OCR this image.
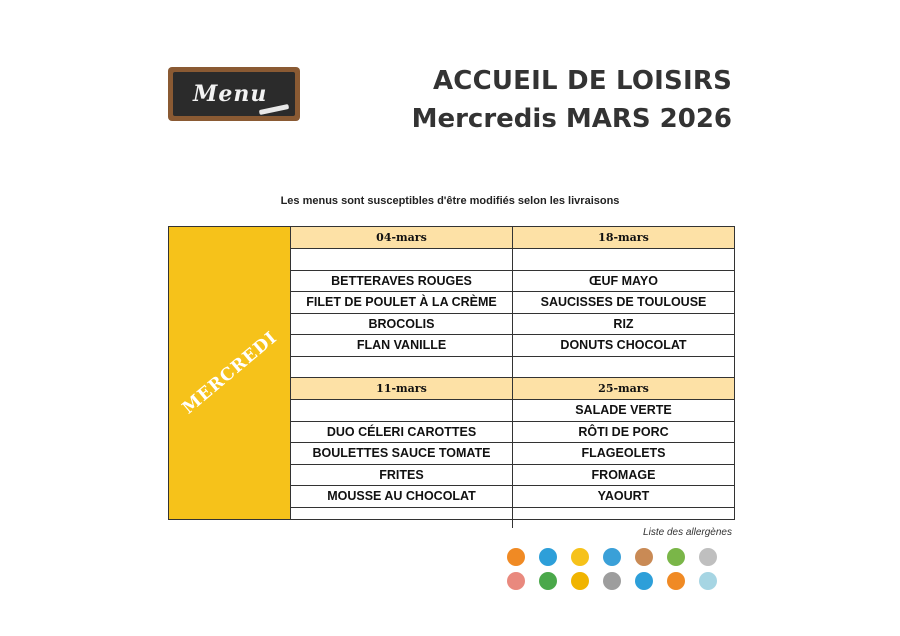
Menu	ACCUEIL DE LOISIRS
Mercredis MARS 2026
Les menus sont susceptibles d'être modifiés selon les livraisons
MERCREDI
04-mars
BETTERAVES ROUGES
FILET DE POULET À LA CRÈME
BROCOLIS
FLAN VANILLE
18-mars
ŒUF MAYO
SAUCISSES DE TOULOUSE
RIZ
DONUTS CHOCOLAT
11-mars
DUO CÉLERI CAROTTES
BOULETTES SAUCE TOMATE
FRITES
MOUSSE AU CHOCOLAT
25-mars
SALADE VERTE
RÔTI DE PORC
FLAGEOLETS
FROMAGE
YAOURT
Liste des allergènes
